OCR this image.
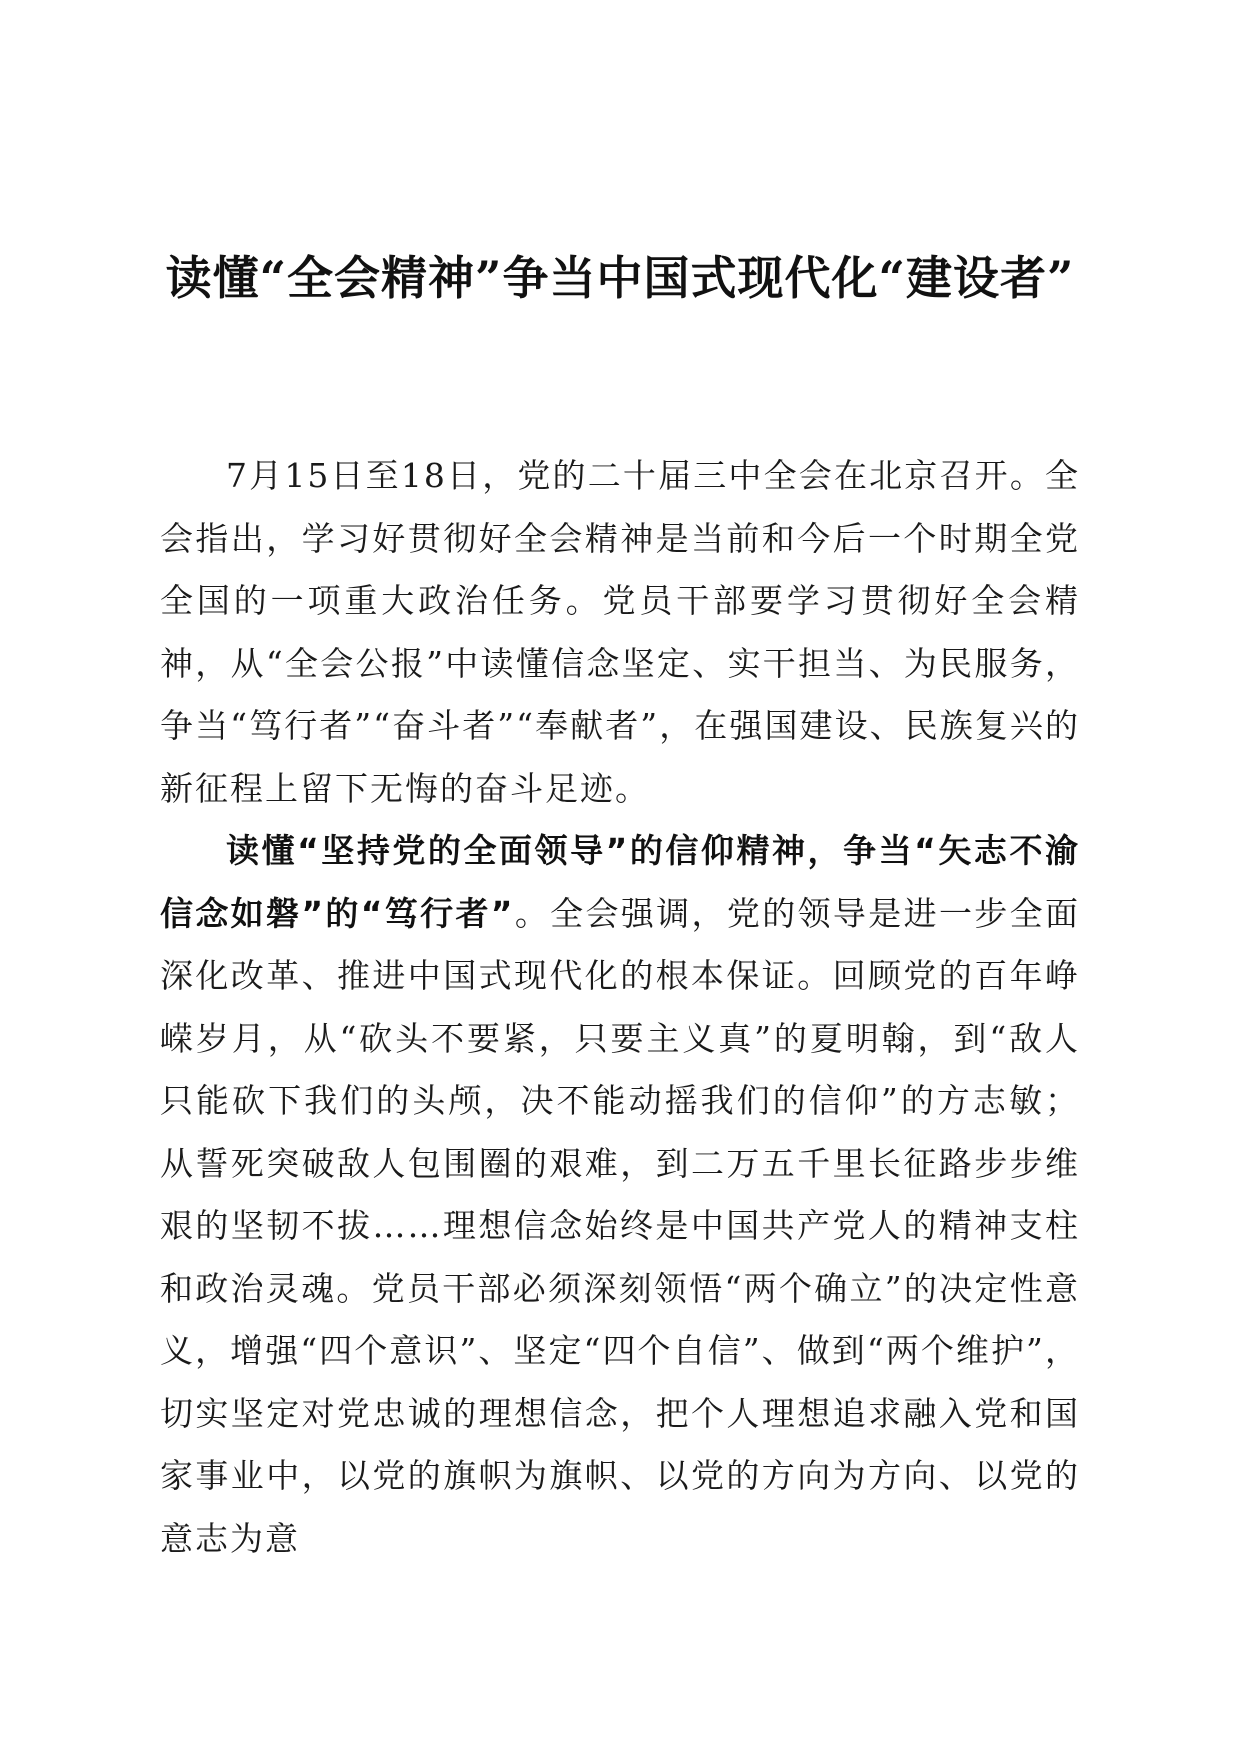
读懂“全会精神”争当中国式现代化“建设者”

7月15日至18日，党的二十届三中全会在北京召开。全会指出，学习好贯彻好全会精神是当前和今后一个时期全党全国的一项重大政治任务。党员干部要学习贯彻好全会精神，从“全会公报”中读懂信念坚定、实干担当、为民服务，争当“笃行者”“奋斗者”“奉献者”，在强国建设、民族复兴的新征程上留下无悔的奋斗足迹。

读懂“坚持党的全面领导”的信仰精神，争当“矢志不渝信念如磐”的“笃行者”。全会强调，党的领导是进一步全面深化改革、推进中国式现代化的根本保证。回顾党的百年峥嵘岁月，从“砍头不要紧，只要主义真”的夏明翰，到“敌人只能砍下我们的头颅，决不能动摇我们的信仰”的方志敏；从誓死突破敌人包围圈的艰难，到二万五千里长征路步步维艰的坚韧不拔……理想信念始终是中国共产党人的精神支柱和政治灵魂。党员干部必须深刻领悟“两个确立”的决定性意义，增强“四个意识”、坚定“四个自信”、做到“两个维护”，切实坚定对党忠诚的理想信念，把个人理想追求融入党和国家事业中，以党的旗帜为旗帜、以党的方向为方向、以党的意志为意
